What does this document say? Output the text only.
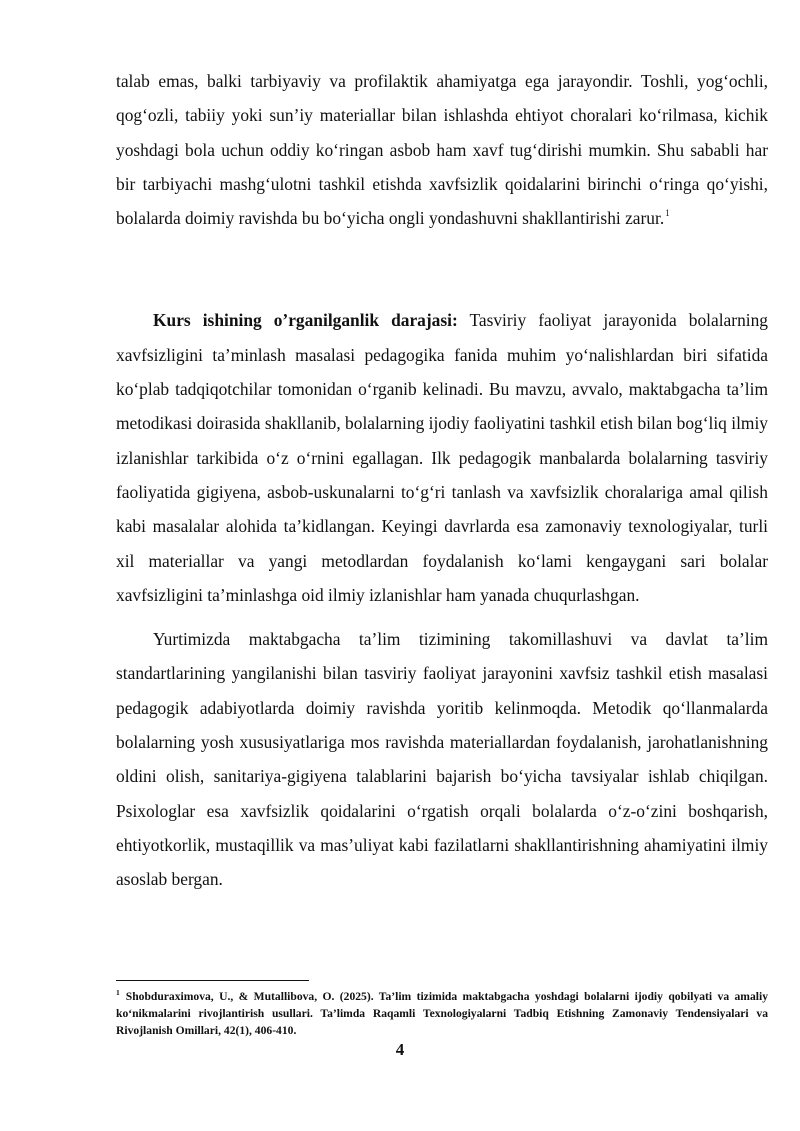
talab emas, balki tarbiyaviy va profilaktik ahamiyatga ega jarayondir. Toshli, yog‘ochli, qog‘ozli, tabiiy yoki sun’iy materiallar bilan ishlashda ehtiyot choralari ko‘rilmasa, kichik yoshdagi bola uchun oddiy ko‘ringan asbob ham xavf tug‘dirishi mumkin. Shu sababli har bir tarbiyachi mashg‘ulotni tashkil etishda xavfsizlik qoidalarini birinchi o‘ringa qo‘yishi, bolalarda doimiy ravishda bu bo‘yicha ongli yondashuvni shakllantirishi zarur.$^1$

Kurs ishining o’rganilganlik darajasi: Tasviriy faoliyat jarayonida bolalarning xavfsizligini ta’minlash masalasi pedagogika fanida muhim yo‘nalishlardan biri sifatida ko‘plab tadqiqotchilar tomonidan o‘rganib kelinadi. Bu mavzu, avvalo, maktabgacha ta’lim metodikasi doirasida shakllanib, bolalarning ijodiy faoliyatini tashkil etish bilan bog‘liq ilmiy izlanishlar tarkibida o‘z o‘rnini egallagan. Ilk pedagogik manbalarda bolalarning tasviriy faoliyatida gigiyena, asbob-uskunalarni to‘g‘ri tanlash va xavfsizlik choralariga amal qilish kabi masalalar alohida ta’kidlangan. Keyingi davrlarda esa zamonaviy texnologiyalar, turli xil materiallar va yangi metodlardan foydalanish ko‘lami kengaygani sari bolalar xavfsizligini ta’minlashga oid ilmiy izlanishlar ham yanada chuqurlashgan.

Yurtimizda maktabgacha ta’lim tizimining takomillashuvi va davlat ta’lim standartlarining yangilanishi bilan tasviriy faoliyat jarayonini xavfsiz tashkil etish masalasi pedagogik adabiyotlarda doimiy ravishda yoritib kelinmoqda. Metodik qo‘llanmalarda bolalarning yosh xususiyatlariga mos ravishda materiallardan foydalanish, jarohatlanishning oldini olish, sanitariya-gigiyena talablarini bajarish bo‘yicha tavsiyalar ishlab chiqilgan. Psixologlar esa xavfsizlik qoidalarini o‘rgatish orqali bolalarda o‘z-o‘zini boshqarish, ehtiyotkorlik, mustaqillik va mas’uliyat kabi fazilatlarni shakllantirishning ahamiyatini ilmiy asoslab bergan.

$^1$ Shobduraximova, U., & Mutallibova, O. (2025). Ta’lim tizimida maktabgacha yoshdagi bolalarni ijodiy qobilyati va amaliy ko‘nikmalarini rivojlantirish usullari. Ta’limda Raqamli Texnologiyalarni Tadbiq Etishning Zamonaviy Tendensiyalari va Rivojlanish Omillari, 42(1), 406-410.

4
